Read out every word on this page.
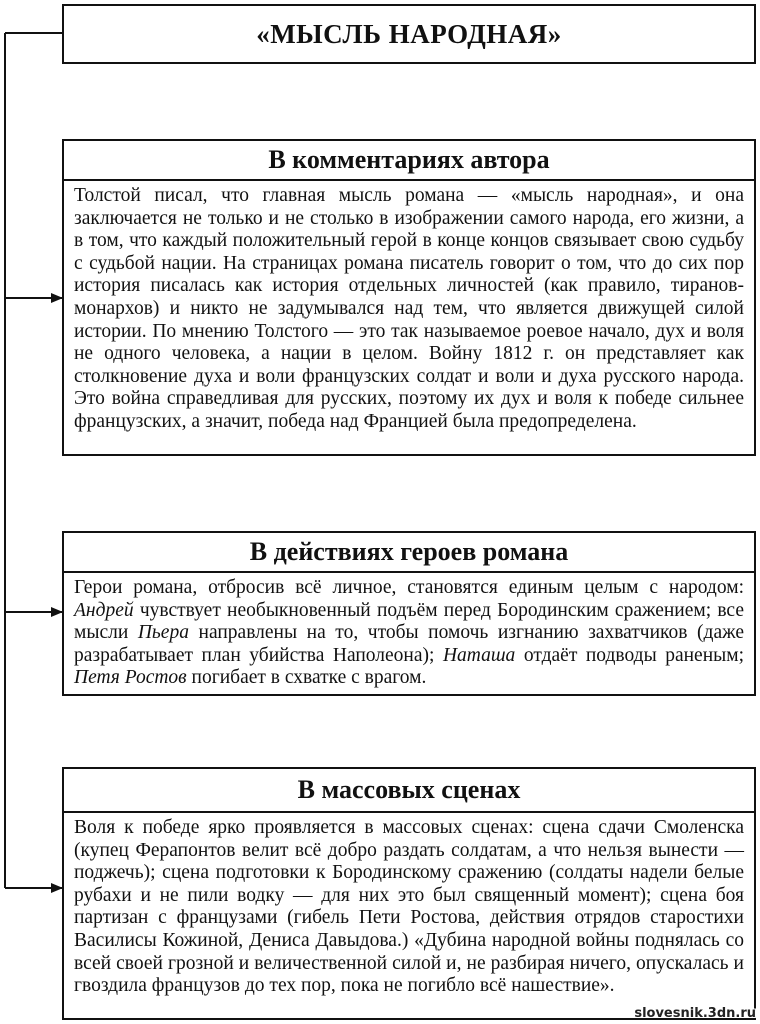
«МЫСЛЬ НАРОДНАЯ»
В комментариях автора
Толстой писал, что главная мысль романа — «мысль народная», и она заключается не только и не столько в изображении самого народа, его жизни, а в том, что каждый положительный герой в конце концов связывает свою судьбу с судьбой нации. На страницах романа писатель говорит о том, что до сих пор история писалась как история отдельных личностей (как правило, тиранов-монархов) и никто не задумывался над тем, что является движущей силой истории. По мнению Толстого — это так называемое роевое начало, дух и воля не одного человека, а нации в целом. Войну 1812 г. он представляет как столкновение духа и воли французских солдат и воли и духа русского народа. Это война справедливая для русских, поэтому их дух и воля к победе сильнее французских, а значит, победа над Францией была предопределена.
В действиях героев романа
Герои романа, отбросив всё личное, становятся единым целым с народом: Андрей чувствует необыкновенный подъём перед Бородинским сражением; все мысли Пьера направлены на то, чтобы помочь изгнанию захватчиков (даже разрабатывает план убийства Наполеона); Наташа отдаёт подводы раненым; Петя Ростов погибает в схватке с врагом.
В массовых сценах
Воля к победе ярко проявляется в массовых сценах: сцена сдачи Смоленска (купец Ферапонтов велит всё добро раздать солдатам, а что нельзя вынести — поджечь); сцена подготовки к Бородинскому сражению (солдаты надели белые рубахи и не пили водку — для них это был священный момент); сцена боя партизан с французами (гибель Пети Ростова, действия отрядов старостихи Василисы Кожиной, Дениса Давыдова.) «Дубина народной войны поднялась со всей своей грозной и величественной силой и, не разбирая ничего, опускалась и гвоздила французов до тех пор, пока не погибло всё нашествие».
slovesnik.3dn.ru
